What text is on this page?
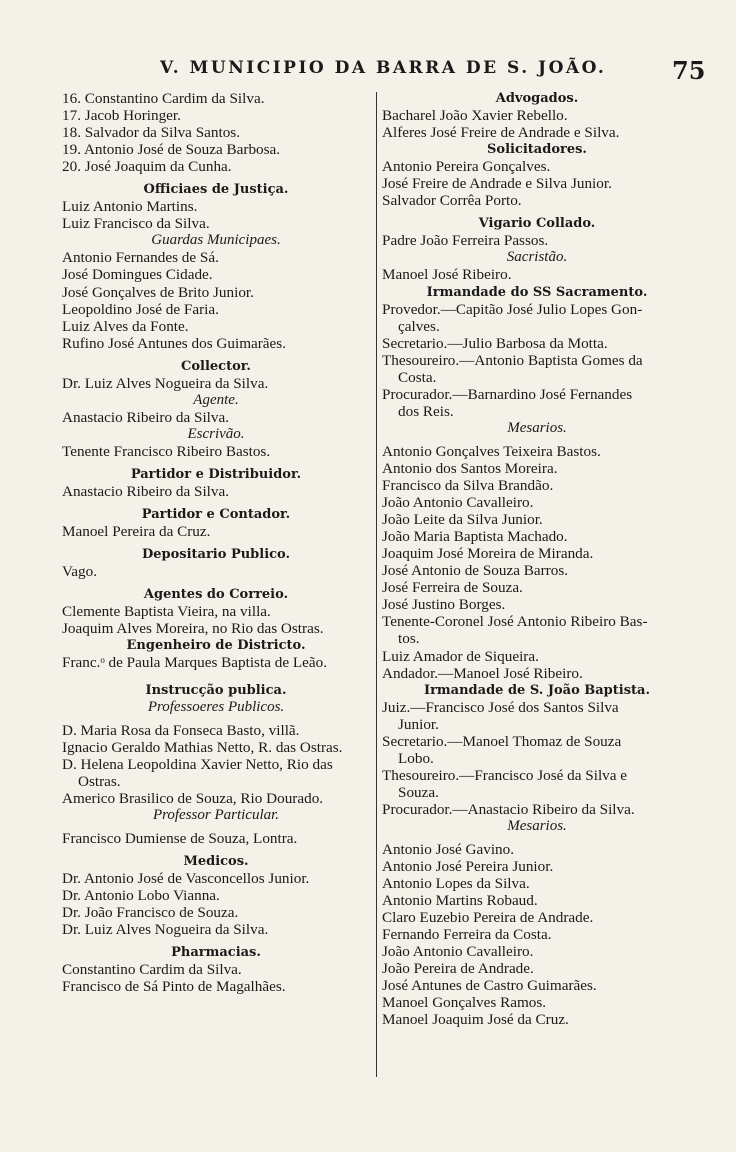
V. MUNICIPIO DA BARRA DE S. JOÃO.	75
16. Constantino Cardim da Silva.
17. Jacob Horinger.
18. Salvador da Silva Santos.
19. Antonio José de Souza Barbosa.
20. José Joaquim da Cunha.
Officiaes de Justiça.
Luiz Antonio Martins.
Luiz Francisco da Silva.
Guardas Municipaes.
Antonio Fernandes de Sá.
José Domingues Cidade.
José Gonçalves de Brito Junior.
Leopoldino José de Faria.
Luiz Alves da Fonte.
Rufino José Antunes dos Guimarães.
Collector.
Dr. Luiz Alves Nogueira da Silva.
Agente.
Anastacio Ribeiro da Silva.
Escrivão.
Tenente Francisco Ribeiro Bastos.
Partidor e Distribuidor.
Anastacio Ribeiro da Silva.
Partidor e Contador.
Manoel Pereira da Cruz.
Depositario Publico.
Vago.
Agentes do Correio.
Clemente Baptista Vieira, na villa.
Joaquim Alves Moreira, no Rio das Ostras.
Engenheiro de Districto.
Franc.ᵒ de Paula Marques Baptista de Leão.
Instrucção publica.
Professoeres Publicos.
D. Maria Rosa da Fonseca Basto, villã.
Ignacio Geraldo Mathias Netto, R. das Ostras.
D. Helena Leopoldina Xavier Netto, Rio das
Ostras.
Americo Brasilico de Souza, Rio Dourado.
Professor Particular.
Francisco Dumiense de Souza, Lontra.
Medicos.
Dr. Antonio José de Vasconcellos Junior.
Dr. Antonio Lobo Vianna.
Dr. João Francisco de Souza.
Dr. Luiz Alves Nogueira da Silva.
Pharmacias.
Constantino Cardim da Silva.
Francisco de Sá Pinto de Magalhães.
Advogados.
Bacharel João Xavier Rebello.
Alferes José Freire de Andrade e Silva.
Solicitadores.
Antonio Pereira Gonçalves.
José Freire de Andrade e Silva Junior.
Salvador Corrêa Porto.
Vigario Collado.
Padre João Ferreira Passos.
Sacristão.
Manoel José Ribeiro.
Irmandade do SS Sacramento.
Provedor.—Capitão José Julio Lopes Gon-
çalves.
Secretario.—Julio Barbosa da Motta.
Thesoureiro.—Antonio Baptista Gomes da
Costa.
Procurador.—Barnardino José Fernandes
dos Reis.
Mesarios.
Antonio Gonçalves Teixeira Bastos.
Antonio dos Santos Moreira.
Francisco da Silva Brandão.
João Antonio Cavalleiro.
João Leite da Silva Junior.
João Maria Baptista Machado.
Joaquim José Moreira de Miranda.
José Antonio de Souza Barros.
José Ferreira de Souza.
José Justino Borges.
Tenente-Coronel José Antonio Ribeiro Bas-
tos.
Luiz Amador de Siqueira.
Andador.—Manoel José Ribeiro.
Irmandade de S. João Baptista.
Juiz.—Francisco José dos Santos Silva
Junior.
Secretario.—Manoel Thomaz de Souza
Lobo.
Thesoureiro.—Francisco José da Silva e
Souza.
Procurador.—Anastacio Ribeiro da Silva.
Mesarios.
Antonio José Gavino.
Antonio José Pereira Junior.
Antonio Lopes da Silva.
Antonio Martins Robaud.
Claro Euzebio Pereira de Andrade.
Fernando Ferreira da Costa.
João Antonio Cavalleiro.
João Pereira de Andrade.
José Antunes de Castro Guimarães.
Manoel Gonçalves Ramos.
Manoel Joaquim José da Cruz.
